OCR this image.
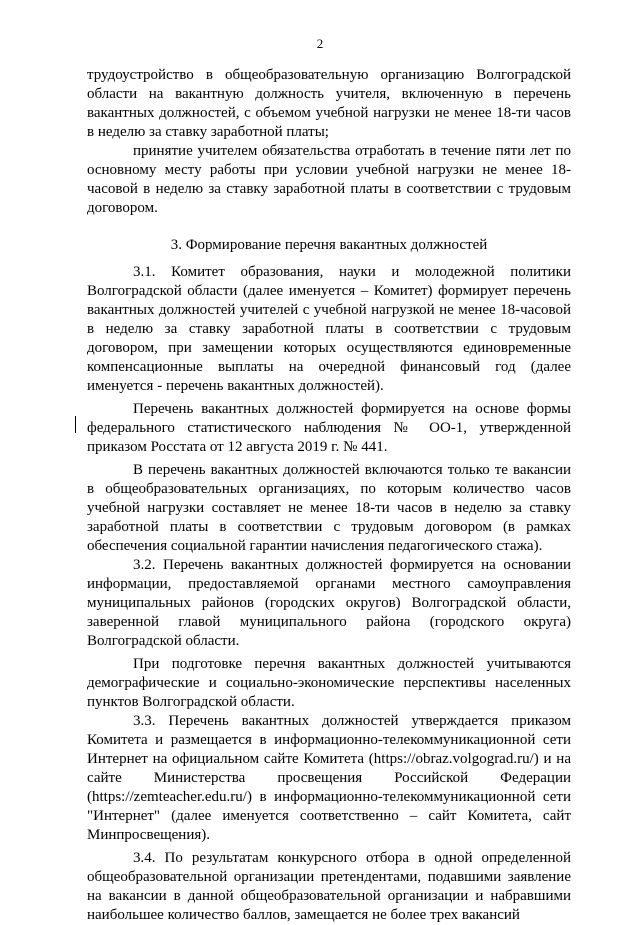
2

трудоустройство в общеобразовательную организацию Волгоградской области на вакантную должность учителя, включенную в перечень вакантных должностей, с объемом учебной нагрузки не менее 18-ти часов в неделю за ставку заработной платы;

принятие учителем обязательства отработать в течение пяти лет по основному месту работы при условии учебной нагрузки не менее 18-часовой в неделю за ставку заработной платы в соответствии с трудовым договором.

3. Формирование перечня вакантных должностей

3.1. Комитет образования, науки и молодежной политики Волгоградской области (далее именуется – Комитет) формирует перечень вакантных должностей учителей с учебной нагрузкой не менее 18-часовой в неделю за ставку заработной платы в соответствии с трудовым договором, при замещении которых осуществляются единовременные компенсационные выплаты на очередной финансовый год (далее именуется - перечень вакантных должностей).

Перечень вакантных должностей формируется на основе формы федерального статистического наблюдения № ОО-1, утвержденной приказом Росстата от 12 августа 2019 г. № 441.

В перечень вакантных должностей включаются только те вакансии в общеобразовательных организациях, по которым количество часов учебной нагрузки составляет не менее 18-ти часов в неделю за ставку заработной платы в соответствии с трудовым договором (в рамках обеспечения социальной гарантии начисления педагогического стажа).

3.2. Перечень вакантных должностей формируется на основании информации, предоставляемой органами местного самоуправления муниципальных районов (городских округов) Волгоградской области, заверенной главой муниципального района (городского округа) Волгоградской области.

При подготовке перечня вакантных должностей учитываются демографические и социально-экономические перспективы населенных пунктов Волгоградской области.

3.3. Перечень вакантных должностей утверждается приказом Комитета и размещается в информационно-телекоммуникационной сети Интернет на официальном сайте Комитета (https://obraz.volgograd.ru/) и на сайте Министерства просвещения Российской Федерации (https://zemteacher.edu.ru/) в информационно-телекоммуникационной сети "Интернет" (далее именуется соответственно – сайт Комитета, сайт Минпросвещения).

3.4. По результатам конкурсного отбора в одной определенной общеобразовательной организации претендентами, подавшими заявление на вакансии в данной общеобразовательной организации и набравшими наибольшее количество баллов, замещается не более трех вакансий
